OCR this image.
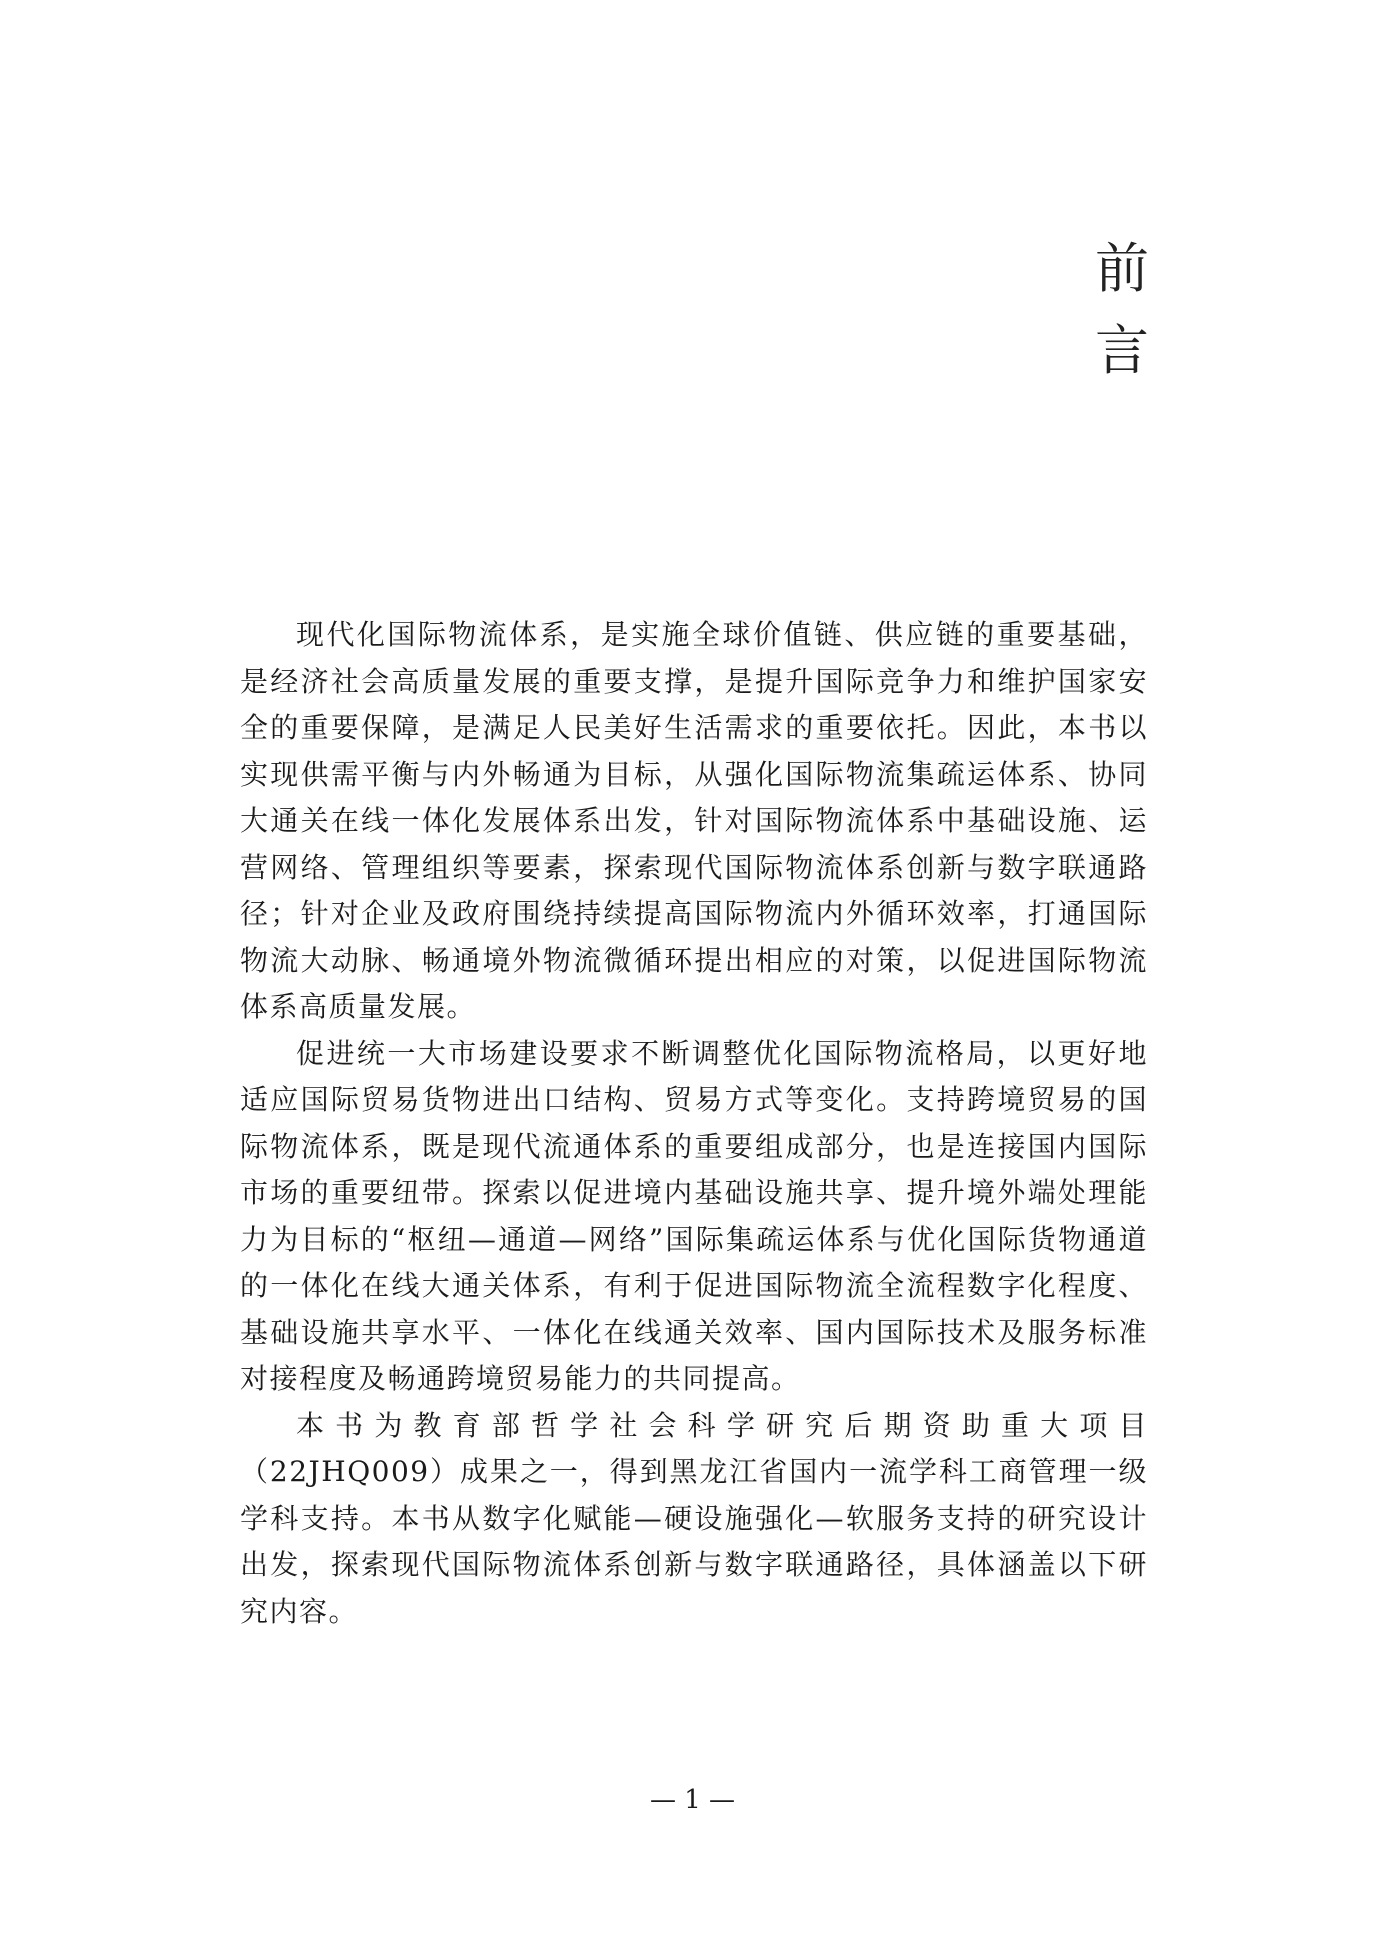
前
言

现代化国际物流体系，是实施全球价值链、供应链的重要基础，是经济社会高质量发展的重要支撑，是提升国际竞争力和维护国家安全的重要保障，是满足人民美好生活需求的重要依托。因此，本书以实现供需平衡与内外畅通为目标，从强化国际物流集疏运体系、协同大通关在线一体化发展体系出发，针对国际物流体系中基础设施、运营网络、管理组织等要素，探索现代国际物流体系创新与数字联通路径；针对企业及政府围绕持续提高国际物流内外循环效率，打通国际物流大动脉、畅通境外物流微循环提出相应的对策，以促进国际物流体系高质量发展。

促进统一大市场建设要求不断调整优化国际物流格局，以更好地适应国际贸易货物进出口结构、贸易方式等变化。支持跨境贸易的国际物流体系，既是现代流通体系的重要组成部分，也是连接国内国际市场的重要纽带。探索以促进境内基础设施共享、提升境外端处理能力为目标的“枢纽—通道—网络”国际集疏运体系与优化国际货物通道的一体化在线大通关体系，有利于促进国际物流全流程数字化程度、基础设施共享水平、一体化在线通关效率、国内国际技术及服务标准对接程度及畅通跨境贸易能力的共同提高。

本书为教育部哲学社会科学研究后期资助重大项目（22JHQ009）成果之一，得到黑龙江省国内一流学科工商管理一级学科支持。本书从数字化赋能—硬设施强化—软服务支持的研究设计出发，探索现代国际物流体系创新与数字联通路径，具体涵盖以下研究内容。

— 1 —
